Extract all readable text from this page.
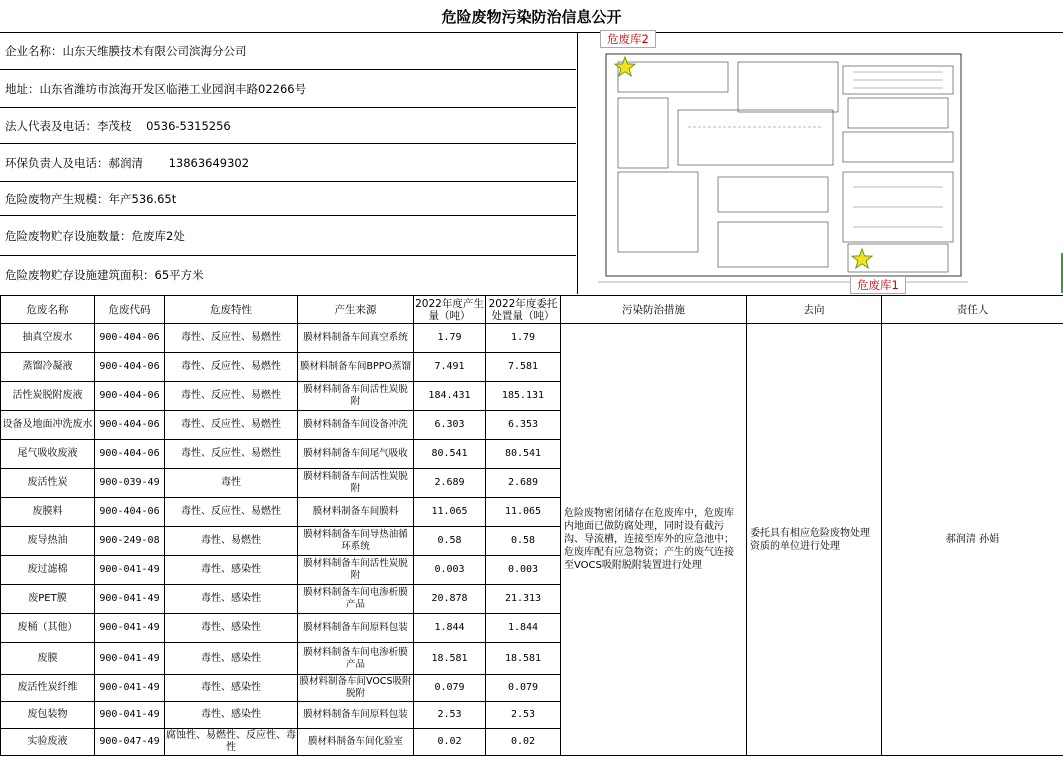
危险废物污染防治信息公开
企业名称：山东天维膜技术有限公司滨海分公司
地址：山东省潍坊市滨海开发区临港工业园润丰路02266号
法人代表及电话：李茂枝    0536-5315256
环保负责人及电话：郝润清       13863649302
危险废物产生规模：年产536.65t
危险废物贮存设施数量：危废库2处
危险废物贮存设施建筑面积：65平方米
危废库2
危废库1
危废名称	危废代码	危废特性	产生来源	2022年度产生量（吨）	2022年度委托处置量（吨）	污染防治措施	去向	责任人
抽真空废水	900-404-06	毒性、反应性、易燃性	膜材料制备车间真空系统	1.79	1.79	危险废物密闭储存在危废库中，危废库内地面已做防腐处理，同时设有截污沟、导流槽，连接至库外的应急池中；危废库配有应急物资；产生的废气连接至VOCS吸附脱附装置进行处理	委托具有相应危险废物处理资质的单位进行处理	郝润清 孙娟
蒸馏冷凝液	900-404-06	毒性、反应性、易燃性	膜材料制备车间BPPO蒸馏	7.491	7.581			
活性炭脱附废液	900-404-06	毒性、反应性、易燃性	膜材料制备车间活性炭脱附	184.431	185.131			
设备及地面冲洗废水	900-404-06	毒性、反应性、易燃性	膜材料制备车间设备冲洗	6.303	6.353			
尾气吸收废液	900-404-06	毒性、反应性、易燃性	膜材料制备车间尾气吸收	80.541	80.541			
废活性炭	900-039-49	毒性	膜材料制备车间活性炭脱附	2.689	2.689			
废膜料	900-404-06	毒性、反应性、易燃性	膜材料制备车间膜料	11.065	11.065			
废导热油	900-249-08	毒性、易燃性	膜材料制备车间导热油循环系统	0.58	0.58			
废过滤棉	900-041-49	毒性、感染性	膜材料制备车间活性炭脱附	0.003	0.003			
废PET膜	900-041-49	毒性、感染性	膜材料制备车间电渗析膜产品	20.878	21.313			
废桶（其他）	900-041-49	毒性、感染性	膜材料制备车间原料包装	1.844	1.844			
废膜	900-041-49	毒性、感染性	膜材料制备车间电渗析膜产品	18.581	18.581			
废活性炭纤维	900-041-49	毒性、感染性	膜材料制备车间VOCS吸附脱附	0.079	0.079			
废包装物	900-041-49	毒性、感染性	膜材料制备车间原料包装	2.53	2.53			
实验废液	900-047-49	腐蚀性、易燃性、反应性、毒性	膜材料制备车间化验室	0.02	0.02			
